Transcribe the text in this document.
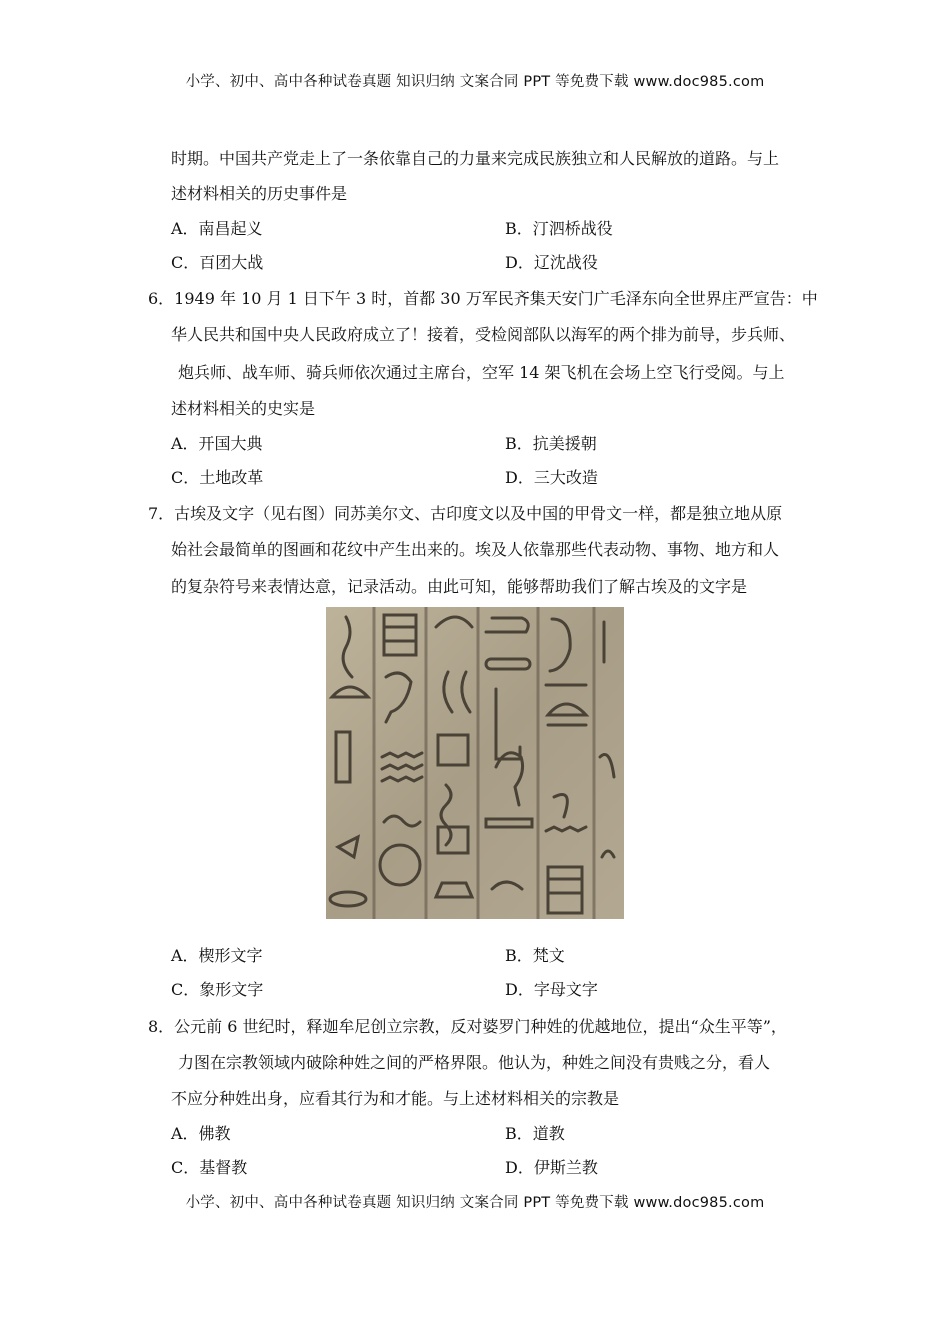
小学、初中、高中各种试卷真题 知识归纳 文案合同 PPT 等免费下载 www.doc985.com
时期。中国共产党走上了一条依靠自己的力量来完成民族独立和人民解放的道路。与上
述材料相关的历史事件是
A．南昌起义	B．汀泗桥战役
C．百团大战	D．辽沈战役
6．1949 年 10 月 1 日下午 3 时，首都 30 万军民齐集天安门广毛泽东向全世界庄严宣告：中
华人民共和国中央人民政府成立了！接着，受检阅部队以海军的两个排为前导，步兵师、
炮兵师、战车师、骑兵师依次通过主席台，空军 14 架飞机在会场上空飞行受阅。与上
述材料相关的史实是
A．开国大典	B．抗美援朝
C．土地改革	D．三大改造
7．古埃及文字（见右图）同苏美尔文、古印度文以及中国的甲骨文一样，都是独立地从原
始社会最简单的图画和花纹中产生出来的。埃及人依靠那些代表动物、事物、地方和人
的复杂符号来表情达意，记录活动。由此可知，能够帮助我们了解古埃及的文字是
A．楔形文字	B．梵文
C．象形文字	D．字母文字
8．公元前 6 世纪时，释迦牟尼创立宗教，反对婆罗门种姓的优越地位，提出“众生平等”，
力图在宗教领域内破除种姓之间的严格界限。他认为，种姓之间没有贵贱之分，看人
不应分种姓出身，应看其行为和才能。与上述材料相关的宗教是
A．佛教	B．道教
C．基督教	D．伊斯兰教
小学、初中、高中各种试卷真题 知识归纳 文案合同 PPT 等免费下载 www.doc985.com
